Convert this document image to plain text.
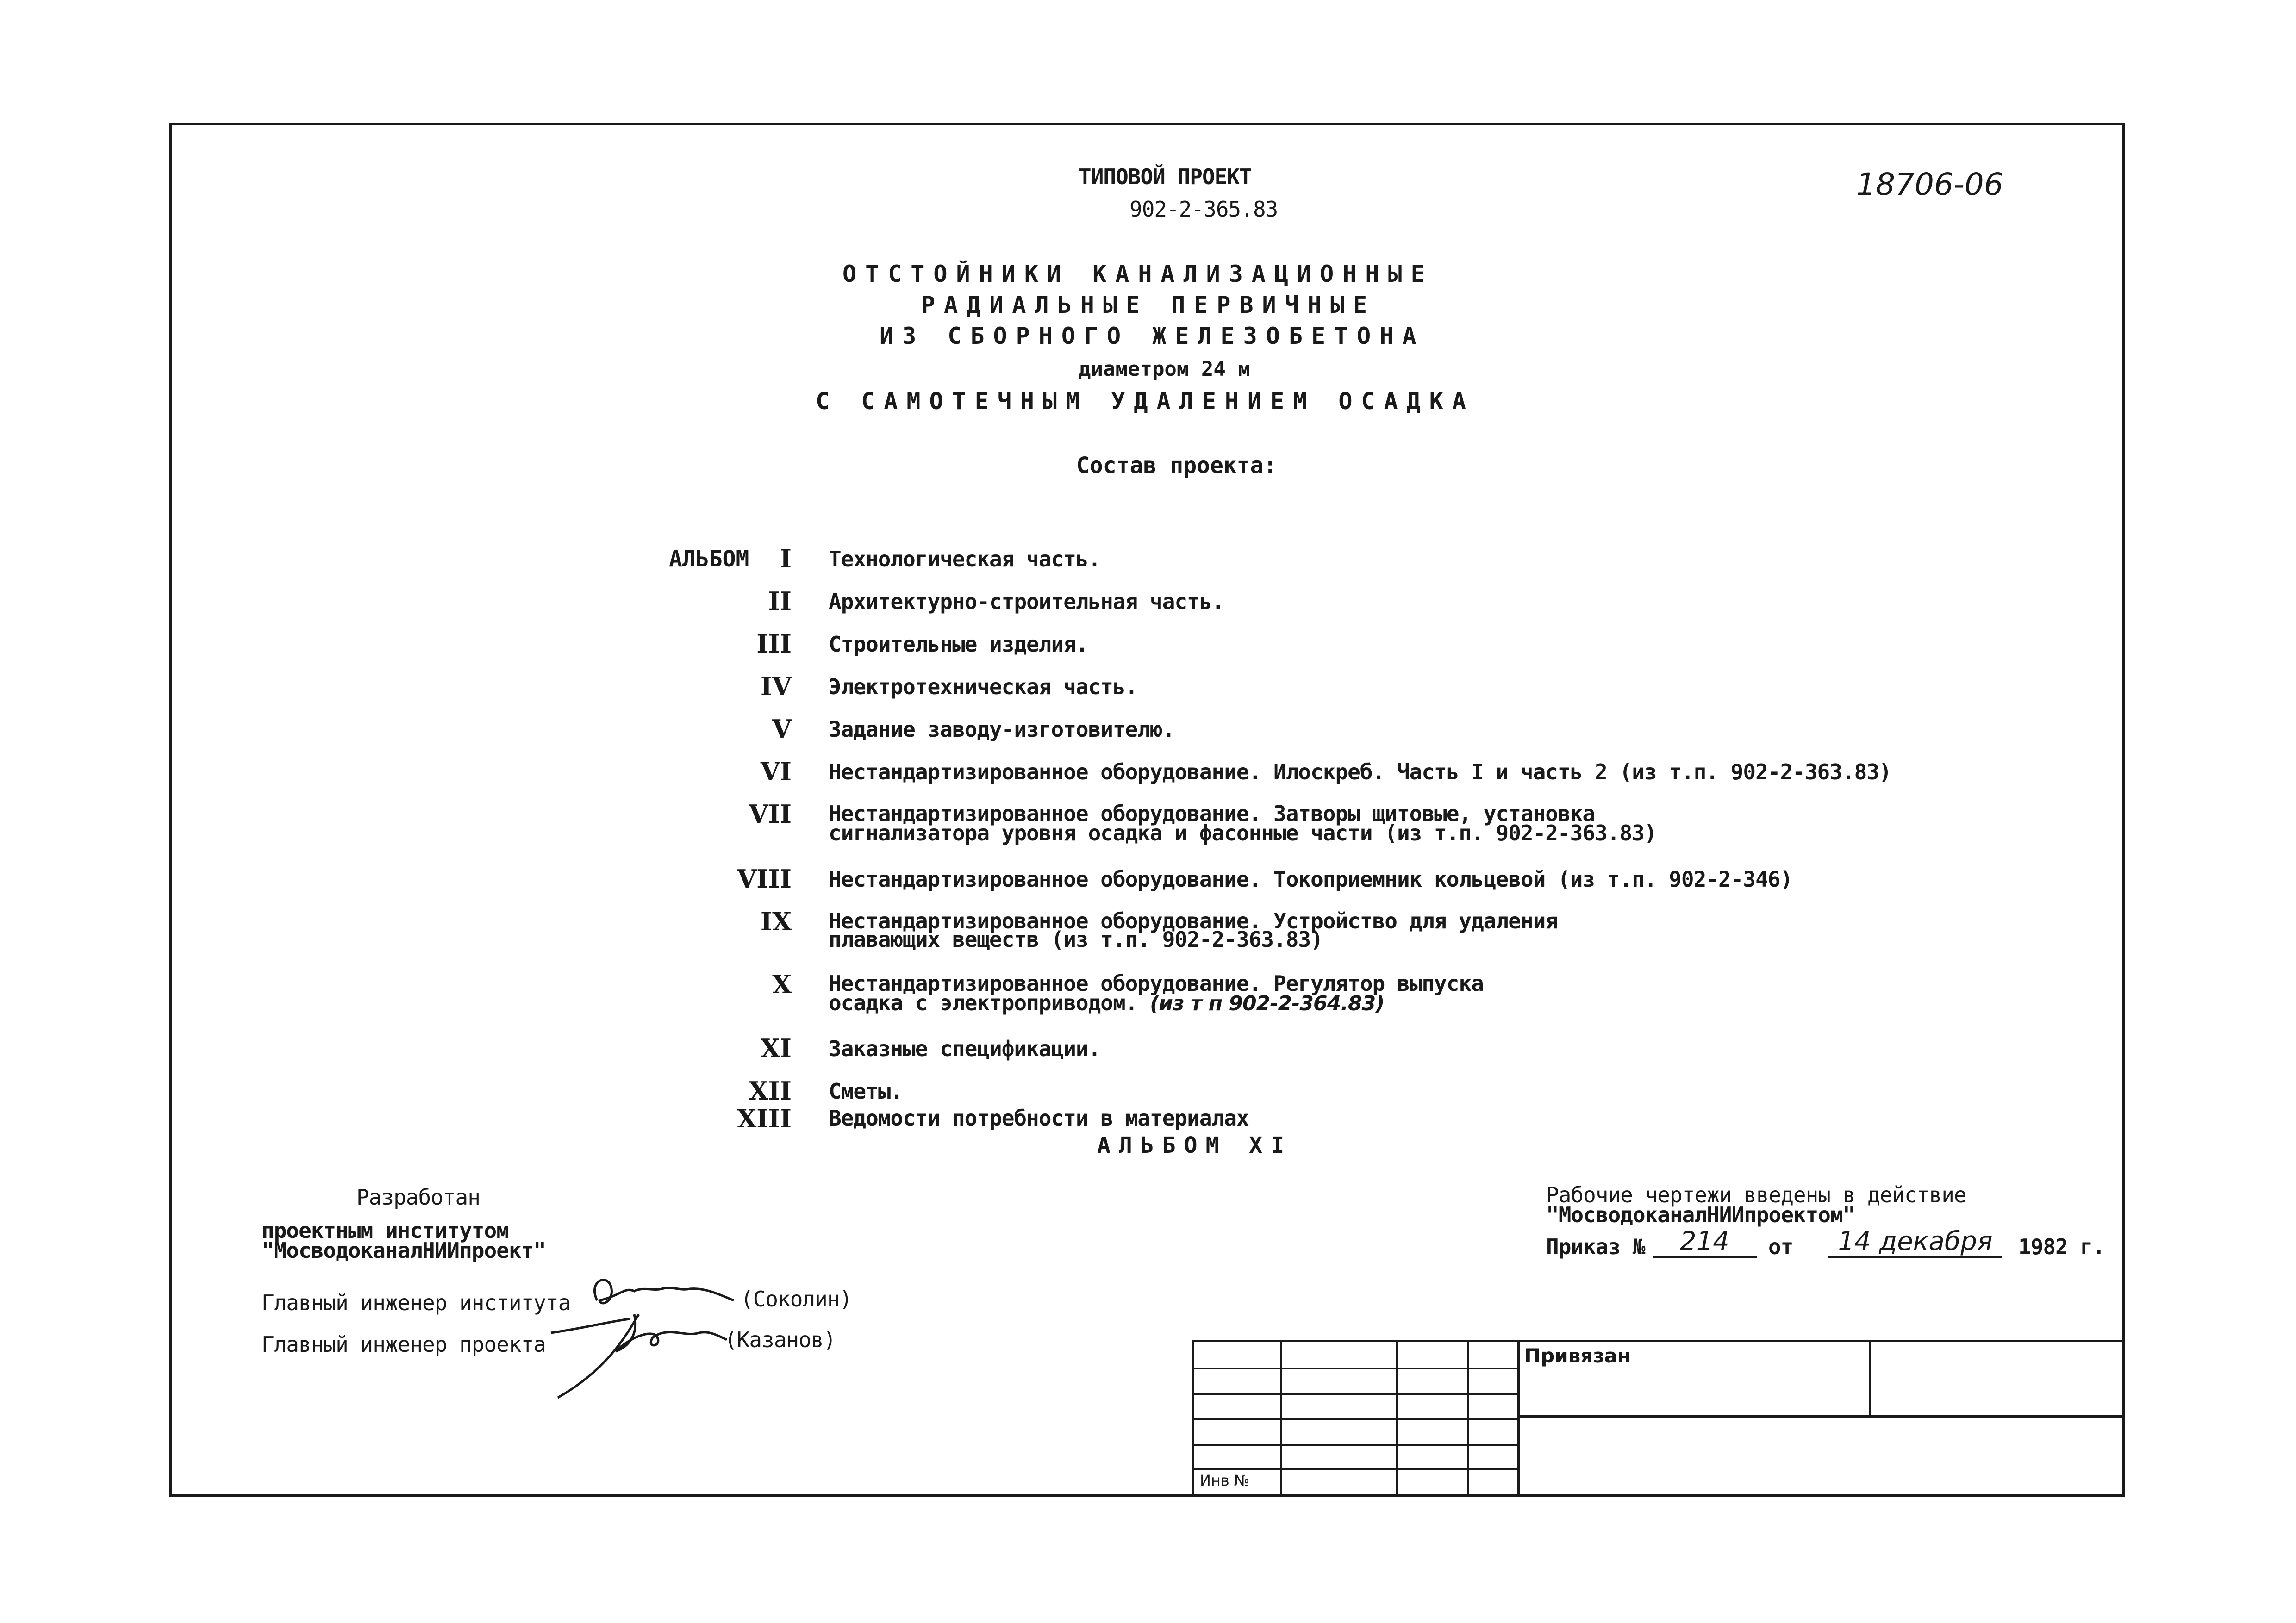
ТИПОВОЙ ПРОЕКТ
902-2-365.83
18706-06
ОТСТОЙНИКИ КАНАЛИЗАЦИОННЫЕ
РАДИАЛЬНЫЕ ПЕРВИЧНЫЕ
ИЗ СБОРНОГО ЖЕЛЕЗОБЕТОНА
диаметром 24 м
С САМОТЕЧНЫМ УДАЛЕНИЕМ ОСАДКА
Состав проекта:
АЛЬБОМ	I Технологическая часть.
II Архитектурно-строительная часть.
III Строительные изделия.
IV Электротехническая часть.
V Задание заводу-изготовителю.
VI Нестандартизированное оборудование. Илоскреб. Часть I и часть 2 (из т.п. 902-2-363.83)
VII Нестандартизированное оборудование. Затворы щитовые, установка
сигнализатора уровня осадка и фасонные части (из т.п. 902-2-363.83)
VIII Нестандартизированное оборудование. Токоприемник кольцевой (из т.п. 902-2-346)
IX Нестандартизированное оборудование. Устройство для удаления
плавающих веществ (из т.п. 902-2-363.83)
X Нестандартизированное оборудование. Регулятор выпуска
осадка с электроприводом. (из т п 902-2-364.83)
XI Заказные спецификации.
XII Сметы.
XIII Ведомости потребности в материалах
АЛЬБОМ XI
Разработан
проектным институтом
"МосводоканалНИИпроект"
Главный инженер института	(Соколин)
Главный инженер проекта	(Казанов)
Рабочие чертежи введены в действие
"МосводоканалНИИпроектом"
Приказ №	214	от	14 декабря	1982 г.
Привязан
Инв №
